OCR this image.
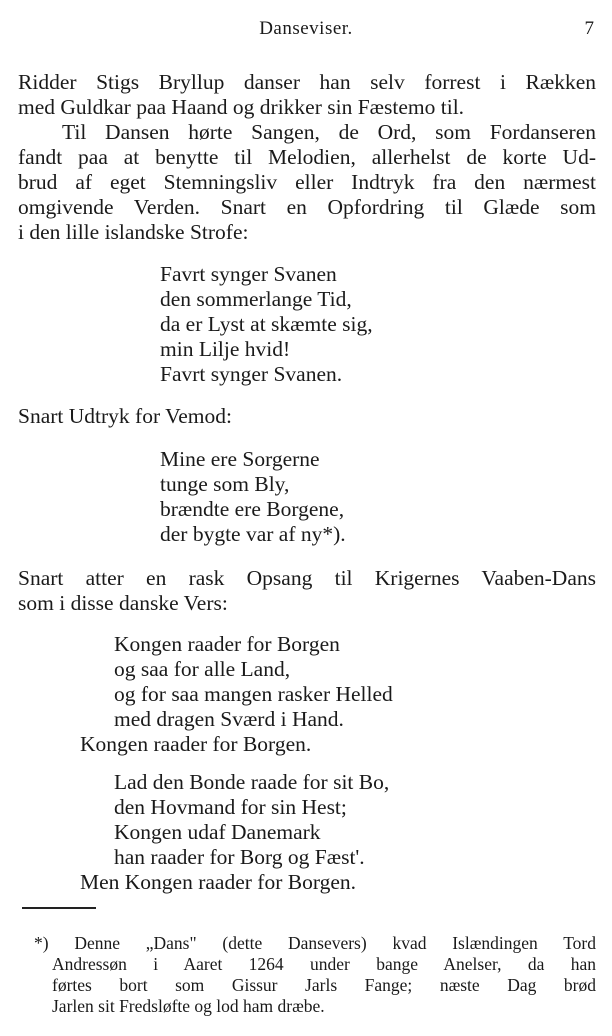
Danseviser.	7
Ridder Stigs Bryllup danser han selv forrest i Rækken
med Guldkar paa Haand og drikker sin Fæstemo til.
Til Dansen hørte Sangen, de Ord, som Fordanseren
fandt paa at benytte til Melodien, allerhelst de korte Ud-
brud af eget Stemningsliv eller Indtryk fra den nærmest
omgivende Verden. Snart en Opfordring til Glæde som
i den lille islandske Strofe:
Favrt synger Svanen
den sommerlange Tid,
da er Lyst at skæmte sig,
min Lilje hvid!
Favrt synger Svanen.
Snart Udtryk for Vemod:
Mine ere Sorgerne
tunge som Bly,
brændte ere Borgene,
der bygte var af ny*).
Snart atter en rask Opsang til Krigernes Vaaben-Dans
som i disse danske Vers:
Kongen raader for Borgen
og saa for alle Land,
og for saa mangen rasker Helled
med dragen Sværd i Hand.
Kongen raader for Borgen.
Lad den Bonde raade for sit Bo,
den Hovmand for sin Hest;
Kongen udaf Danemark
han raader for Borg og Fæst'.
Men Kongen raader for Borgen.
*) Denne „Dans" (dette Dansevers) kvad Islændingen Tord
Andressøn i Aaret 1264 under bange Anelser, da han
førtes bort som Gissur Jarls Fange; næste Dag brød
Jarlen sit Fredsløfte og lod ham dræbe.
